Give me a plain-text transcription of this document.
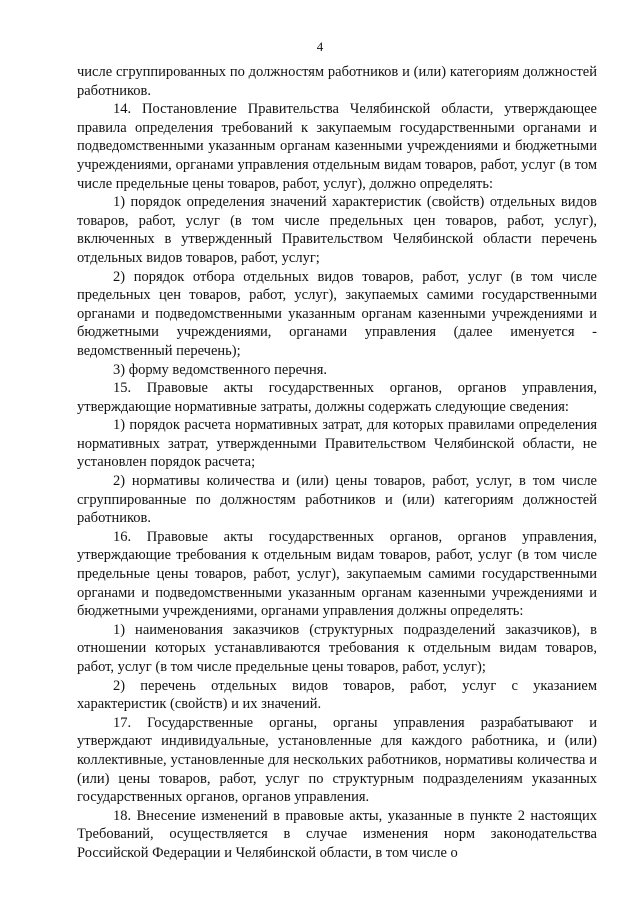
4

числе сгруппированных по должностям работников и (или) категориям должностей работников.

14. Постановление Правительства Челябинской области, утверждающее правила определения требований к закупаемым государственными органами и подведомственными указанным органам казенными учреждениями и бюджетными учреждениями, органами управления отдельным видам товаров, работ, услуг (в том числе предельные цены товаров, работ, услуг), должно определять:

1) порядок определения значений характеристик (свойств) отдельных видов товаров, работ, услуг (в том числе предельных цен товаров, работ, услуг), включенных в утвержденный Правительством Челябинской области перечень отдельных видов товаров, работ, услуг;

2) порядок отбора отдельных видов товаров, работ, услуг (в том числе предельных цен товаров, работ, услуг), закупаемых самими государственными органами и подведомственными указанным органам казенными учреждениями и бюджетными учреждениями, органами управления (далее именуется - ведомственный перечень);

3) форму ведомственного перечня.

15. Правовые акты государственных органов, органов управления, утверждающие нормативные затраты, должны содержать следующие сведения:

1) порядок расчета нормативных затрат, для которых правилами определения нормативных затрат, утвержденными Правительством Челябинской области, не установлен порядок расчета;

2) нормативы количества и (или) цены товаров, работ, услуг, в том числе сгруппированные по должностям работников и (или) категориям должностей работников.

16. Правовые акты государственных органов, органов управления, утверждающие требования к отдельным видам товаров, работ, услуг (в том числе предельные цены товаров, работ, услуг), закупаемым самими государственными органами и подведомственными указанным органам казенными учреждениями и бюджетными учреждениями, органами управления должны определять:

1) наименования заказчиков (структурных подразделений заказчиков), в отношении которых устанавливаются требования к отдельным видам товаров, работ, услуг (в том числе предельные цены товаров, работ, услуг);

2) перечень отдельных видов товаров, работ, услуг с указанием характеристик (свойств) и их значений.

17. Государственные органы, органы управления разрабатывают и утверждают индивидуальные, установленные для каждого работника, и (или) коллективные, установленные для нескольких работников, нормативы количества и (или) цены товаров, работ, услуг по структурным подразделениям указанных государственных органов, органов управления.

18. Внесение изменений в правовые акты, указанные в пункте 2 настоящих Требований, осуществляется в случае изменения норм законодательства Российской Федерации и Челябинской области, в том числе о
